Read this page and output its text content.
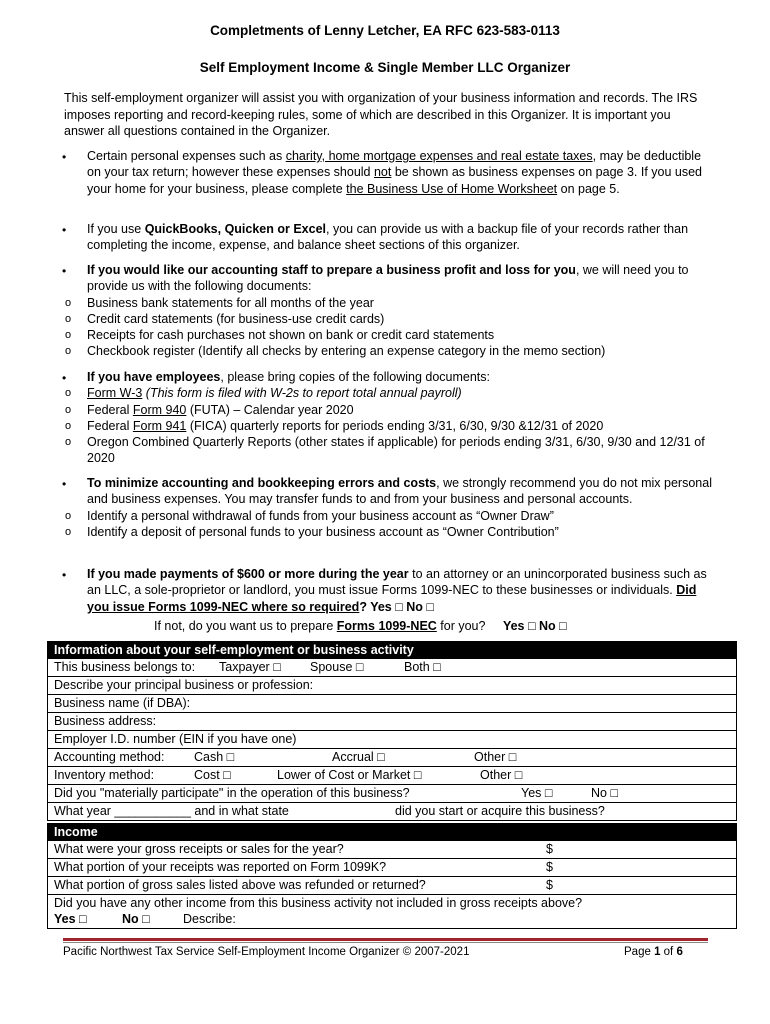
Completments of Lenny Letcher, EA RFC 623-583-0113
Self Employment Income & Single Member LLC Organizer
This self-employment organizer will assist you with organization of your business information and records. The IRS imposes reporting and record-keeping rules, some of which are described in this Organizer. It is important you answer all questions contained in the Organizer.
• Certain personal expenses such as charity, home mortgage expenses and real estate taxes, may be deductible on your tax return; however these expenses should not be shown as business expenses on page 3. If you used your home for your business, please complete the Business Use of Home Worksheet on page 5.
• If you use QuickBooks, Quicken or Excel, you can provide us with a backup file of your records rather than completing the income, expense, and balance sheet sections of this organizer.
• If you would like our accounting staff to prepare a business profit and loss for you, we will need you to provide us with the following documents:
o Business bank statements for all months of the year
o Credit card statements (for business-use credit cards)
o Receipts for cash purchases not shown on bank or credit card statements
o Checkbook register (Identify all checks by entering an expense category in the memo section)
• If you have employees, please bring copies of the following documents:
o Form W-3 (This form is filed with W-2s to report total annual payroll)
o Federal Form 940 (FUTA) – Calendar year 2020
o Federal Form 941 (FICA) quarterly reports for periods ending 3/31, 6/30, 9/30 &12/31 of 2020
o Oregon Combined Quarterly Reports (other states if applicable) for periods ending 3/31, 6/30, 9/30 and 12/31 of 2020
• To minimize accounting and bookkeeping errors and costs, we strongly recommend you do not mix personal and business expenses. You may transfer funds to and from your business and personal accounts.
o Identify a personal withdrawal of funds from your business account as “Owner Draw”
o Identify a deposit of personal funds to your business account as “Owner Contribution”
• If you made payments of $600 or more during the year to an attorney or an unincorporated business such as an LLC, a sole-proprietor or landlord, you must issue Forms 1099-NEC to these businesses or individuals. Did you issue Forms 1099-NEC where so required? Yes □ No □
If not, do you want us to prepare Forms 1099-NEC for you? Yes □ No □
Information about your self-employment or business activity
This business belongs to: Taxpayer □ Spouse □	Both □
Describe your principal business or profession:
Business name (if DBA):
Business address:
Employer I.D. number (EIN if you have one)
Accounting method: Cash □	Accrual □	Other □
Inventory method:	Cost □	Lower of Cost or Market □	Other □
Did you "materially participate" in the operation of this business?	Yes □	No □
What year ___________ and in what state	did you start or acquire this business?
Income
What were your gross receipts or sales for the year?	$
What portion of your receipts was reported on Form 1099K?	$
What portion of gross sales listed above was refunded or returned?	$
Did you have any other income from this business activity not included in gross receipts above?
Yes □	No □	Describe:
Pacific Northwest Tax Service Self-Employment Income Organizer © 2007-2021	Page 1 of 6
